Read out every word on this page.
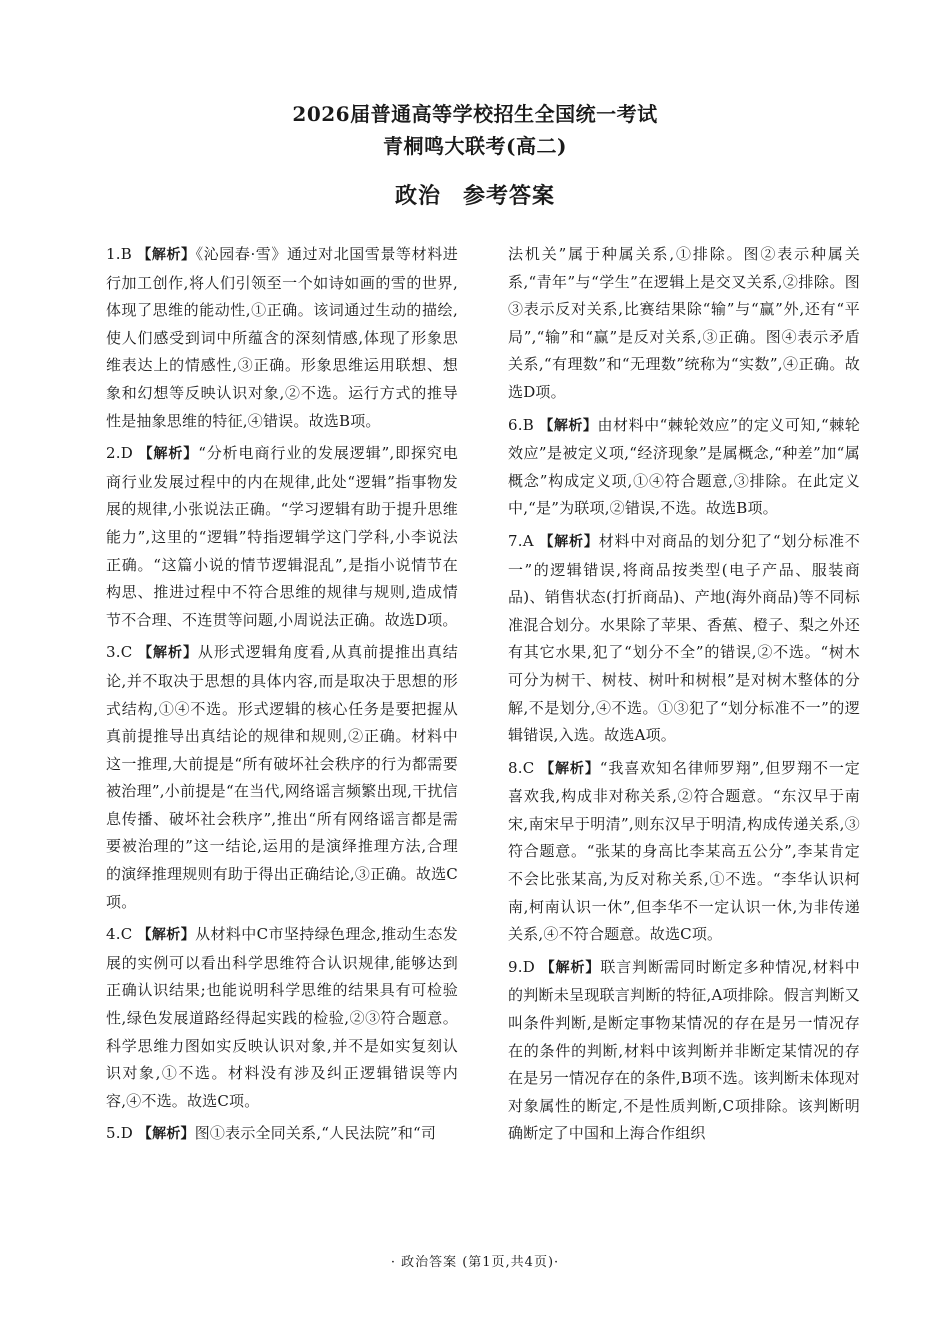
2026届普通高等学校招生全国统一考试
青桐鸣大联考(高二)
政治 参考答案

1.B 【解析】《沁园春·雪》通过对北国雪景等材料进行加工创作,将人们引领至一个如诗如画的雪的世界,体现了思维的能动性,①正确。该词通过生动的描绘,使人们感受到词中所蕴含的深刻情感,体现了形象思维表达上的情感性,③正确。形象思维运用联想、想象和幻想等反映认识对象,②不选。运行方式的推导性是抽象思维的特征,④错误。故选B项。

2.D 【解析】“分析电商行业的发展逻辑”,即探究电商行业发展过程中的内在规律,此处“逻辑”指事物发展的规律,小张说法正确。“学习逻辑有助于提升思维能力”,这里的“逻辑”特指逻辑学这门学科,小李说法正确。“这篇小说的情节逻辑混乱”,是指小说情节在构思、推进过程中不符合思维的规律与规则,造成情节不合理、不连贯等问题,小周说法正确。故选D项。

3.C 【解析】从形式逻辑角度看,从真前提推出真结论,并不取决于思想的具体内容,而是取决于思想的形式结构,①④不选。形式逻辑的核心任务是要把握从真前提推导出真结论的规律和规则,②正确。材料中这一推理,大前提是“所有破坏社会秩序的行为都需要被治理”,小前提是“在当代,网络谣言频繁出现,干扰信息传播、破坏社会秩序”,推出“所有网络谣言都是需要被治理的”这一结论,运用的是演绎推理方法,合理的演绎推理规则有助于得出正确结论,③正确。故选C项。

4.C 【解析】从材料中C市坚持绿色理念,推动生态发展的实例可以看出科学思维符合认识规律,能够达到正确认识结果;也能说明科学思维的结果具有可检验性,绿色发展道路经得起实践的检验,②③符合题意。科学思维力图如实反映认识对象,并不是如实复刻认识对象,①不选。材料没有涉及纠正逻辑错误等内容,④不选。故选C项。

5.D 【解析】图①表示全同关系,“人民法院”和“司

法机关”属于种属关系,①排除。图②表示种属关系,“青年”与“学生”在逻辑上是交叉关系,②排除。图③表示反对关系,比赛结果除“输”与“赢”外,还有“平局”,“输”和“赢”是反对关系,③正确。图④表示矛盾关系,“有理数”和“无理数”统称为“实数”,④正确。故选D项。

6.B 【解析】由材料中“棘轮效应”的定义可知,“棘轮效应”是被定义项,“经济现象”是属概念,“种差”加“属概念”构成定义项,①④符合题意,③排除。在此定义中,“是”为联项,②错误,不选。故选B项。

7.A 【解析】材料中对商品的划分犯了“划分标准不一”的逻辑错误,将商品按类型(电子产品、服装商品)、销售状态(打折商品)、产地(海外商品)等不同标准混合划分。水果除了苹果、香蕉、橙子、梨之外还有其它水果,犯了“划分不全”的错误,②不选。“树木可分为树干、树枝、树叶和树根”是对树木整体的分解,不是划分,④不选。①③犯了“划分标准不一”的逻辑错误,入选。故选A项。

8.C 【解析】“我喜欢知名律师罗翔”,但罗翔不一定喜欢我,构成非对称关系,②符合题意。“东汉早于南宋,南宋早于明清”,则东汉早于明清,构成传递关系,③符合题意。“张某的身高比李某高五公分”,李某肯定不会比张某高,为反对称关系,①不选。“李华认识柯南,柯南认识一休”,但李华不一定认识一休,为非传递关系,④不符合题意。故选C项。

9.D 【解析】联言判断需同时断定多种情况,材料中的判断未呈现联言判断的特征,A项排除。假言判断又叫条件判断,是断定事物某情况的存在是另一情况存在的条件的判断,材料中该判断并非断定某情况的存在是另一情况存在的条件,B项不选。该判断未体现对对象属性的断定,不是性质判断,C项排除。该判断明确断定了中国和上海合作组织

· 政治答案 (第1页,共4页)·
